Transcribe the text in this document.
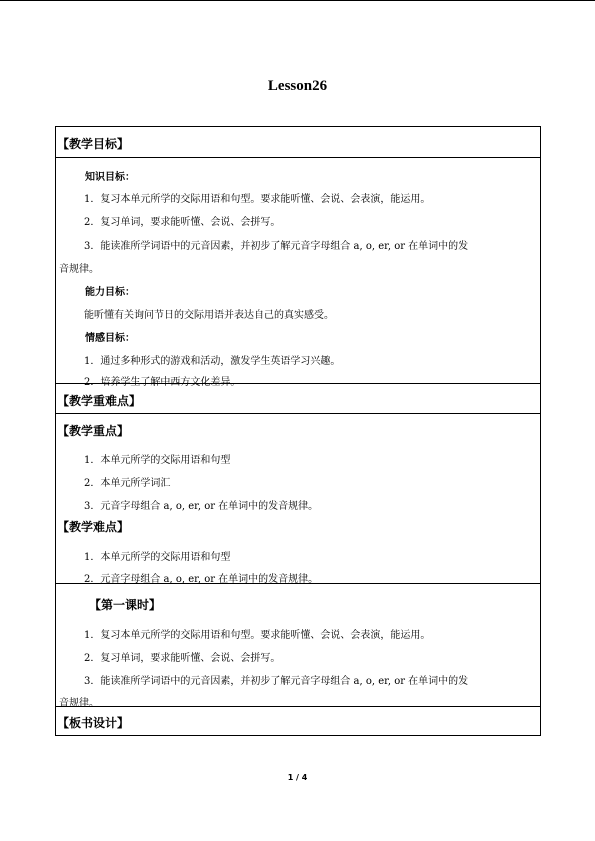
Lesson26
【教学目标】
知识目标：
1．复习本单元所学的交际用语和句型。要求能听懂、会说、会表演，能运用。
2．复习单词，要求能听懂、会说、会拼写。
3．能读准所学词语中的元音因素，并初步了解元音字母组合 a, o, er, or 在单词中的发
音规律。
能力目标：
能听懂有关询问节日的交际用语并表达自己的真实感受。
情感目标：
1．通过多种形式的游戏和活动，激发学生英语学习兴趣。
2．培养学生了解中西方文化差异。
【教学重难点】
【教学重点】
1．本单元所学的交际用语和句型
2．本单元所学词汇
3．元音字母组合 a, o, er, or 在单词中的发音规律。
【教学难点】
1．本单元所学的交际用语和句型
2．元音字母组合 a, o, er, or 在单词中的发音规律。
【第一课时】
1．复习本单元所学的交际用语和句型。要求能听懂、会说、会表演，能运用。
2．复习单词，要求能听懂、会说、会拼写。
3．能读准所学词语中的元音因素，并初步了解元音字母组合 a, o, er, or 在单词中的发
音规律。
【板书设计】
1 / 4
